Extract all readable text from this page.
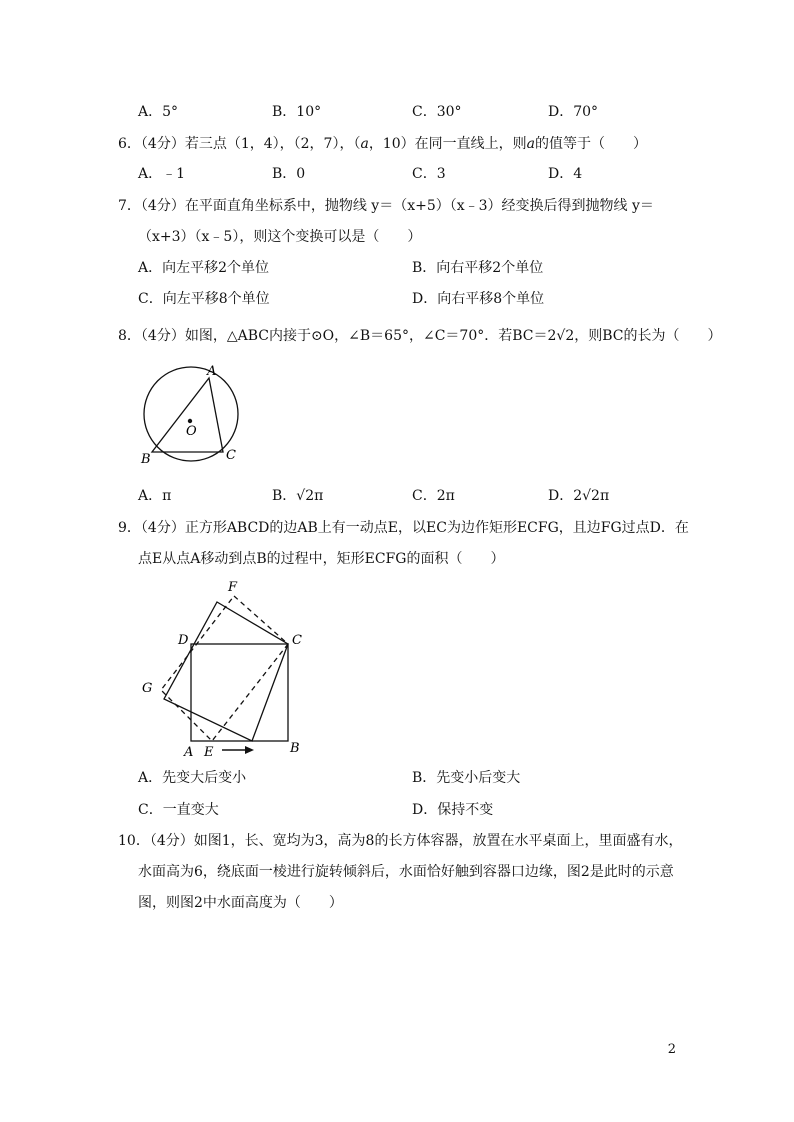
A．5°	B．10°	C．30°	D．70°
6．（4分）若三点（1，4），（2，7），（a，10）在同一直线上，则a的值等于（　　）
A．﹣1	B．0	C．3	D．4
7．（4分）在平面直角坐标系中，抛物线 y＝（x+5）（x﹣3）经变换后得到抛物线 y＝
（x+3）（x﹣5），则这个变换可以是（　　）
A．向左平移2个单位	B．向右平移2个单位
C．向左平移8个单位	D．向右平移8个单位
8．（4分）如图，△ABC内接于⊙O，∠B＝65°，∠C＝70°．若BC＝2√2，则BC的长为（　　）
A
O
B	C
A．π	B．√2π	C．2π	D．2√2π
9．（4分）正方形ABCD的边AB上有一动点E，以EC为边作矩形ECFG，且边FG过点D．在
点E从点A移动到点B的过程中，矩形ECFG的面积（　　）
F
D	C
G
A E	B
A．先变大后变小	B．先变小后变大
C．一直变大	D．保持不变
10．（4分）如图1，长、宽均为3，高为8的长方体容器，放置在水平桌面上，里面盛有水，
水面高为6，绕底面一棱进行旋转倾斜后，水面恰好触到容器口边缘，图2是此时的示意
图，则图2中水面高度为（　　）
2
